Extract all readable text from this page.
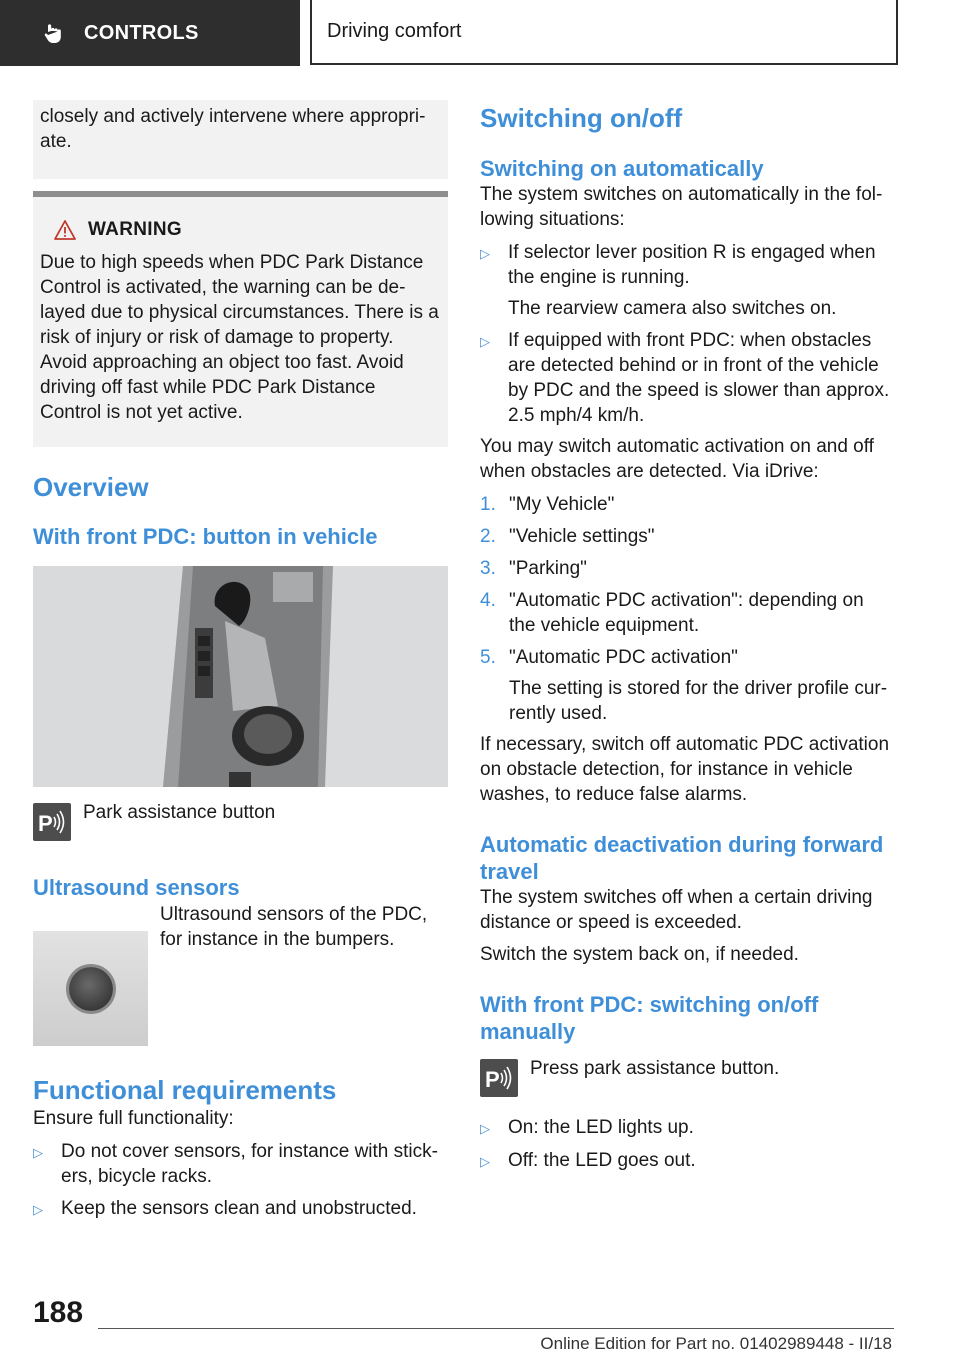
CONTROLS	Driving comfort

closely and actively intervene where appropri-ate.

WARNING

Due to high speeds when PDC Park Distance Control is activated, the warning can be de-layed due to physical circumstances. There is a risk of injury or risk of damage to property. Avoid approaching an object too fast. Avoid driving off fast while PDC Park Distance Control is not yet active.

Overview
With front PDC: button in vehicle
P Park assistance button
Ultrasound sensors

Ultrasound sensors of the PDC, for instance in the bumpers.

Functional requirements

Ensure full functionality:

▷ Do not cover sensors, for instance with stick-ers, bicycle racks.
▷ Keep the sensors clean and unobstructed.
Switching on/off
Switching on automatically

The system switches on automatically in the fol-lowing situations:

▷ If selector lever position R is engaged when the engine is running.

The rearview camera also switches on.

▷ If equipped with front PDC: when obstacles are detected behind or in front of the vehicle by PDC and the speed is slower than approx. 2.5 mph/4 km/h.

You may switch automatic activation on and off when obstacles are detected. Via iDrive:

1. "My Vehicle"
2. "Vehicle settings"
3. "Parking"
4. "Automatic PDC activation": depending on the vehicle equipment.
5. "Automatic PDC activation"

The setting is stored for the driver profile cur-rently used.

If necessary, switch off automatic PDC activation on obstacle detection, for instance in vehicle washes, to reduce false alarms.

Automatic deactivation during forward travel

The system switches off when a certain driving distance or speed is exceeded.

Switch the system back on, if needed.

With front PDC: switching on/off manually
P Press park assistance button.
▷ On: the LED lights up.
▷ Off: the LED goes out.
188
Online Edition for Part no. 01402989448 - II/18
